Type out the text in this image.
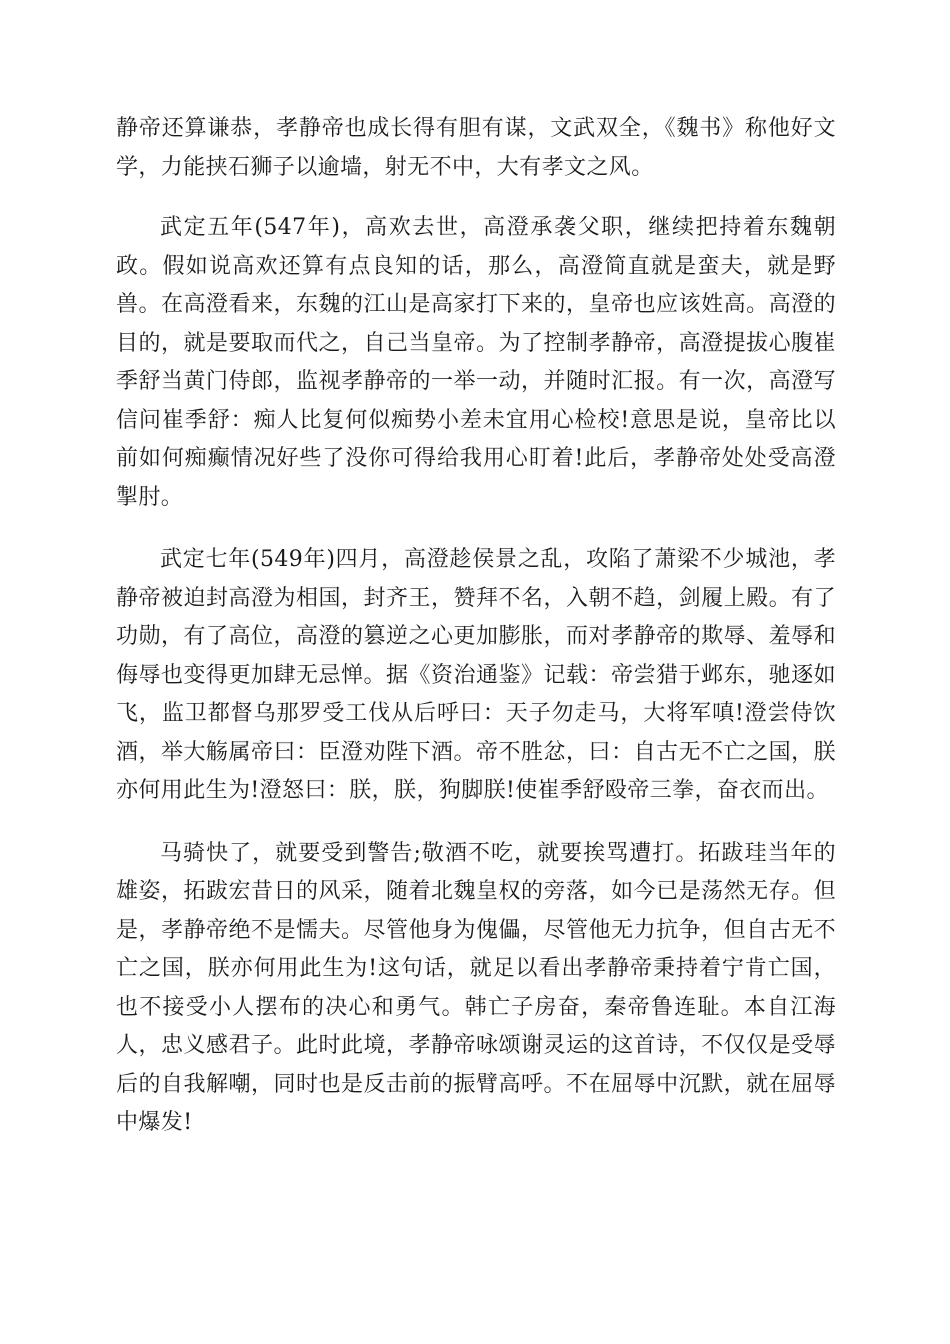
静帝还算谦恭，孝静帝也成长得有胆有谋，文武双全，《魏书》称他好文学，力能挟石狮子以逾墙，射无不中，大有孝文之风。

武定五年(547年)，高欢去世，高澄承袭父职，继续把持着东魏朝政。假如说高欢还算有点良知的话，那么，高澄简直就是蛮夫，就是野兽。在高澄看来，东魏的江山是高家打下来的，皇帝也应该姓高。高澄的目的，就是要取而代之，自己当皇帝。为了控制孝静帝，高澄提拔心腹崔季舒当黄门侍郎，监视孝静帝的一举一动，并随时汇报。有一次，高澄写信问崔季舒：痴人比复何似痴势小差未宜用心检校!意思是说，皇帝比以前如何痴癫情况好些了没你可得给我用心盯着!此后，孝静帝处处受高澄掣肘。

武定七年(549年)四月，高澄趁侯景之乱，攻陷了萧梁不少城池，孝静帝被迫封高澄为相国，封齐王，赞拜不名，入朝不趋，剑履上殿。有了功勋，有了高位，高澄的篡逆之心更加膨胀，而对孝静帝的欺辱、羞辱和侮辱也变得更加肆无忌惮。据《资治通鉴》记载：帝尝猎于邺东，驰逐如飞，监卫都督乌那罗受工伐从后呼曰：天子勿走马，大将军嗔!澄尝侍饮酒，举大觞属帝曰：臣澄劝陛下酒。帝不胜忿，曰：自古无不亡之国，朕亦何用此生为!澄怒曰：朕，朕，狗脚朕!使崔季舒殴帝三拳，奋衣而出。

马骑快了，就要受到警告;敬酒不吃，就要挨骂遭打。拓跋珪当年的雄姿，拓跋宏昔日的风采，随着北魏皇权的旁落，如今已是荡然无存。但是，孝静帝绝不是懦夫。尽管他身为傀儡，尽管他无力抗争，但自古无不亡之国，朕亦何用此生为!这句话，就足以看出孝静帝秉持着宁肯亡国，也不接受小人摆布的决心和勇气。韩亡子房奋，秦帝鲁连耻。本自江海人，忠义感君子。此时此境，孝静帝咏颂谢灵运的这首诗，不仅仅是受辱后的自我解嘲，同时也是反击前的振臂高呼。不在屈辱中沉默，就在屈辱中爆发!
